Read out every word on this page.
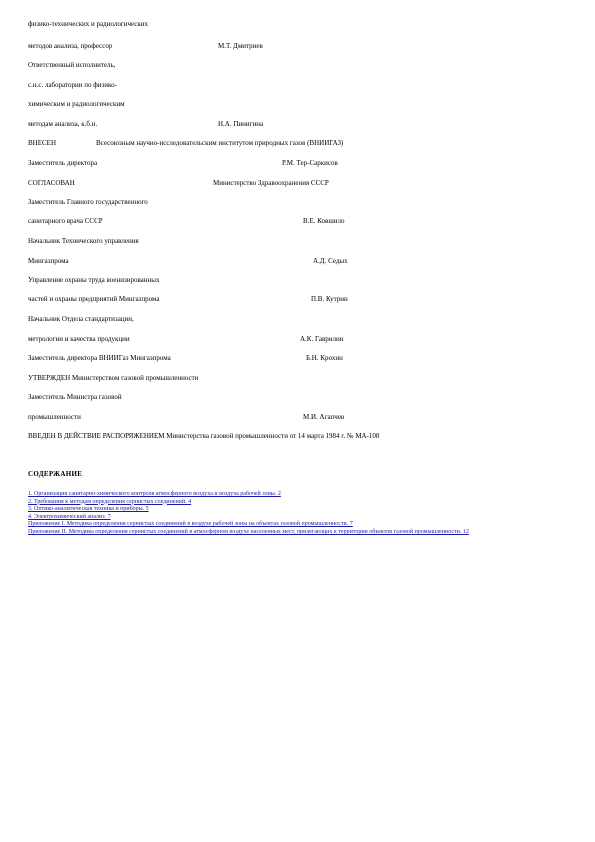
физико-технических и радиологических
методов анализа, профессор	М.Т. Дмитриев
Ответственный исполнитель,
с.н.с. лаборатории по физико-
химическим и радиологическим
методам анализа, к.б.н.	Н.А. Пинигина
ВНЕСЕН	Всесоюзным научно-исследовательским институтом природных газов (ВНИИГАЗ)
Заместитель директора	Р.М. Тер-Саркисов
СОГЛАСОВАН	Министерство Здравоохранения СССР
Заместитель Главного государственного
санитарного врача СССР	В.Е. Ковшило
Начальник Технического управления
Мингазпрома	А.Д. Седых
Управление охраны труда военизированных
частей и охраны предприятий Мингазпрома	П.В. Кутрин
Начальник Отдела стандартизации,
метрологии и качества продукции	А.К. Гаврилин
Заместитель директора ВНИИГаз Мингазпрома	Б.Н. Крохин
УТВЕРЖДЕН Министерством газовой промышленности
Заместитель Министра газовой
промышленности	М.И. Агапчев
ВВЕДЕН В ДЕЙСТВИЕ РАСПОРЯЖЕНИЕМ Министерства газовой промышленности от 14 марта 1984 г. № МА-108
СОДЕРЖАНИЕ
1. Организация санитарно-химического контроля атмосферного воздуха и воздуха рабочей зоны. 2
2. Требования к методам определения сернистых соединений. 4
3. Оптико-аналитическая техника и приборы. 5
4. Электрохимический анализ. 7
Приложение I. Методика определения сернистых соединений в воздухе рабочей зоны на объектах газовой промышленности. 7
Приложение II. Методика определения сернистых соединений в атмосферном воздухе населенных мест, прилегающих к территории объектов газовой промышленности. 12
